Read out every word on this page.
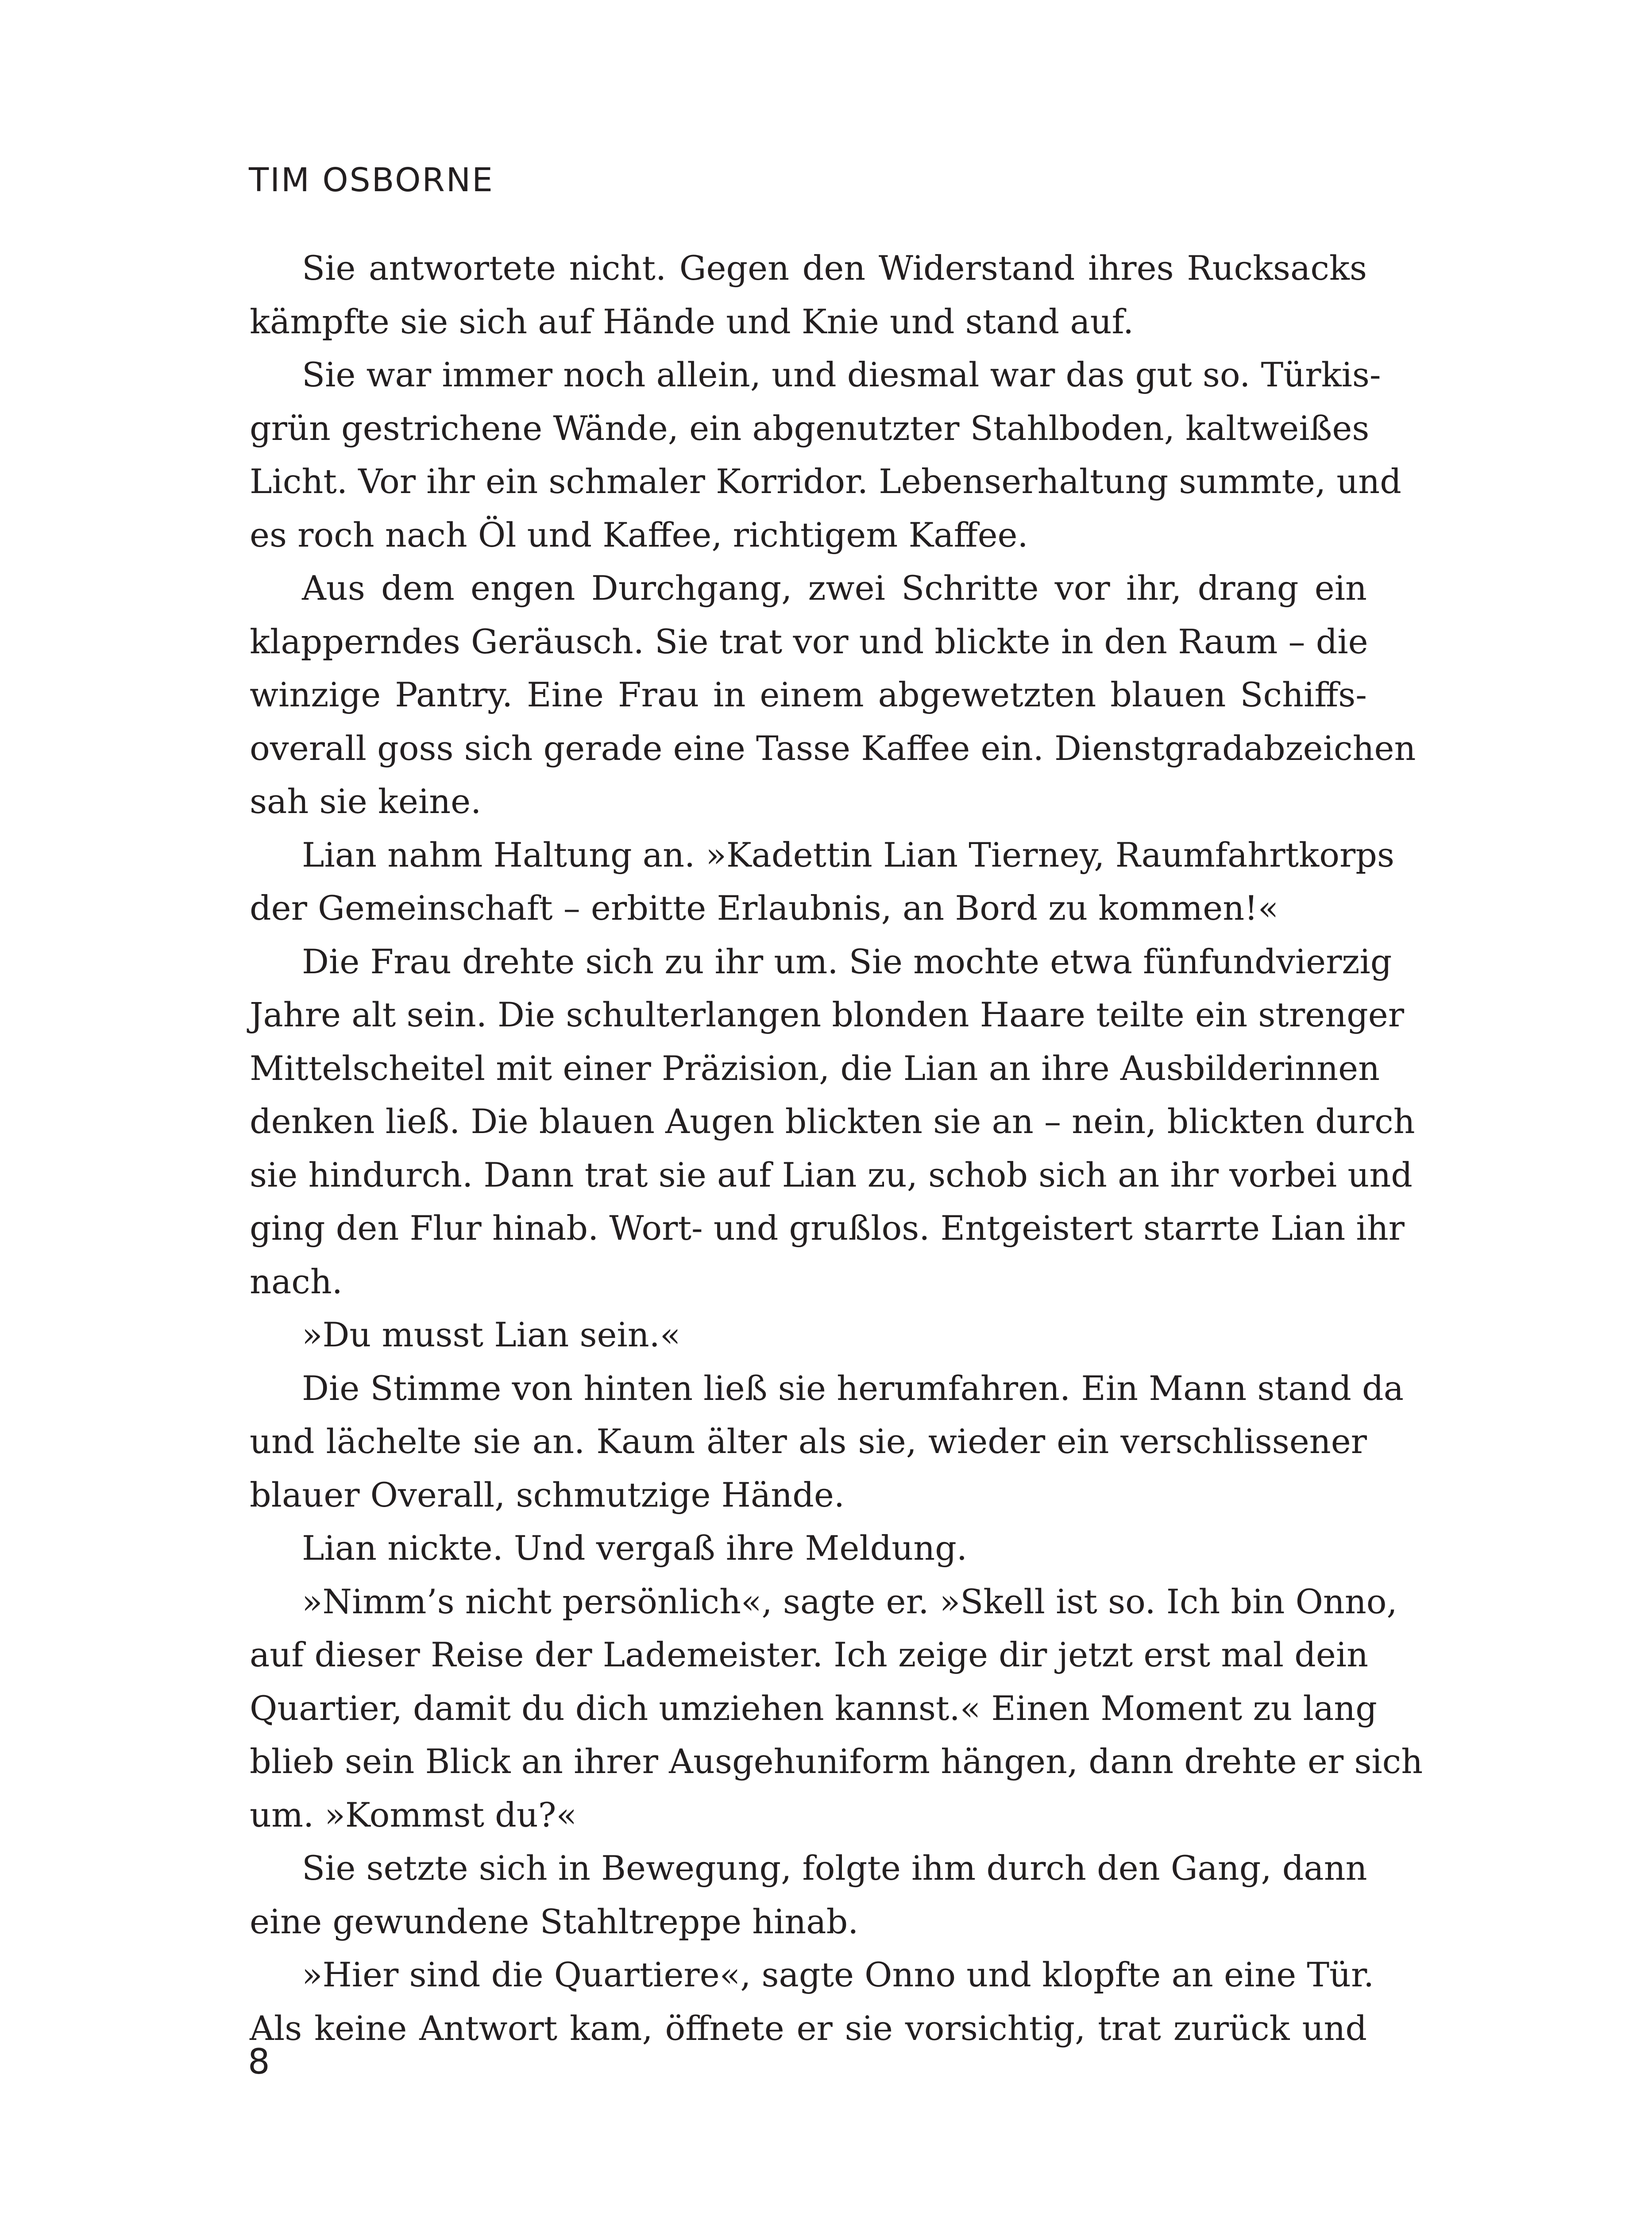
TIM OSBORNE

Sie antwortete nicht. Gegen den Widerstand ihres Rucksacks
kämpfte sie sich auf Hände und Knie und stand auf.

Sie war immer noch allein, und diesmal war das gut so. Türkis-
grün gestrichene Wände, ein abgenutzter Stahlboden, kaltweißes
Licht. Vor ihr ein schmaler Korridor. Lebenserhaltung summte, und
es roch nach Öl und Kaffee, richtigem Kaffee.

Aus dem engen Durchgang, zwei Schritte vor ihr, drang ein
klapperndes Geräusch. Sie trat vor und blickte in den Raum – die
winzige Pantry. Eine Frau in einem abgewetzten blauen Schiffs-
overall goss sich gerade eine Tasse Kaffee ein. Dienstgradabzeichen
sah sie keine.

Lian nahm Haltung an. »Kadettin Lian Tierney, Raumfahrtkorps
der Gemeinschaft – erbitte Erlaubnis, an Bord zu kommen!«

Die Frau drehte sich zu ihr um. Sie mochte etwa fünfundvierzig
Jahre alt sein. Die schulterlangen blonden Haare teilte ein strenger
Mittelscheitel mit einer Präzision, die Lian an ihre Ausbilderinnen
denken ließ. Die blauen Augen blickten sie an – nein, blickten durch
sie hindurch. Dann trat sie auf Lian zu, schob sich an ihr vorbei und
ging den Flur hinab. Wort- und grußlos. Entgeistert starrte Lian ihr
nach.

»Du musst Lian sein.«

Die Stimme von hinten ließ sie herumfahren. Ein Mann stand da
und lächelte sie an. Kaum älter als sie, wieder ein verschlissener
blauer Overall, schmutzige Hände.

Lian nickte. Und vergaß ihre Meldung.

»Nimm’s nicht persönlich«, sagte er. »Skell ist so. Ich bin Onno,
auf dieser Reise der Lademeister. Ich zeige dir jetzt erst mal dein
Quartier, damit du dich umziehen kannst.« Einen Moment zu lang
blieb sein Blick an ihrer Ausgehuniform hängen, dann drehte er sich
um. »Kommst du?«

Sie setzte sich in Bewegung, folgte ihm durch den Gang, dann
eine gewundene Stahltreppe hinab.

»Hier sind die Quartiere«, sagte Onno und klopfte an eine Tür.
Als keine Antwort kam, öffnete er sie vorsichtig, trat zurück und

8
